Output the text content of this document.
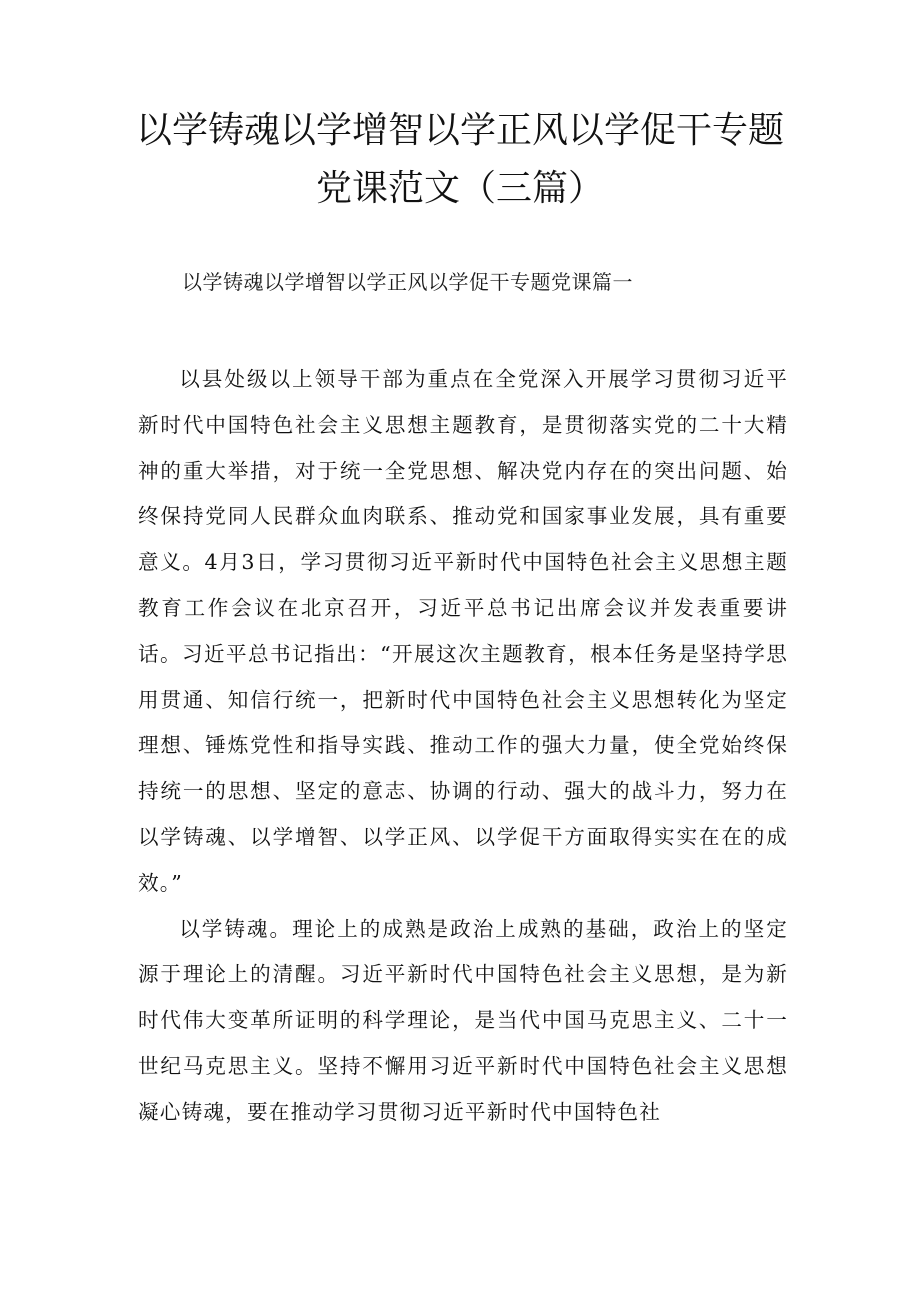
以学铸魂以学增智以学正风以学促干专题
党课范文（三篇）
以学铸魂以学增智以学正风以学促干专题党课篇一

以县处级以上领导干部为重点在全党深入开展学习贯彻习近平新时代中国特色社会主义思想主题教育，是贯彻落实党的二十大精神的重大举措，对于统一全党思想、解决党内存在的突出问题、始终保持党同人民群众血肉联系、推动党和国家事业发展，具有重要意义。4月3日，学习贯彻习近平新时代中国特色社会主义思想主题教育工作会议在北京召开，习近平总书记出席会议并发表重要讲话。习近平总书记指出：“开展这次主题教育，根本任务是坚持学思用贯通、知信行统一，把新时代中国特色社会主义思想转化为坚定理想、锤炼党性和指导实践、推动工作的强大力量，使全党始终保持统一的思想、坚定的意志、协调的行动、强大的战斗力，努力在以学铸魂、以学增智、以学正风、以学促干方面取得实实在在的成效。”

以学铸魂。理论上的成熟是政治上成熟的基础，政治上的坚定源于理论上的清醒。习近平新时代中国特色社会主义思想，是为新时代伟大变革所证明的科学理论，是当代中国马克思主义、二十一世纪马克思主义。坚持不懈用习近平新时代中国特色社会主义思想凝心铸魂，要在推动学习贯彻习近平新时代中国特色社
